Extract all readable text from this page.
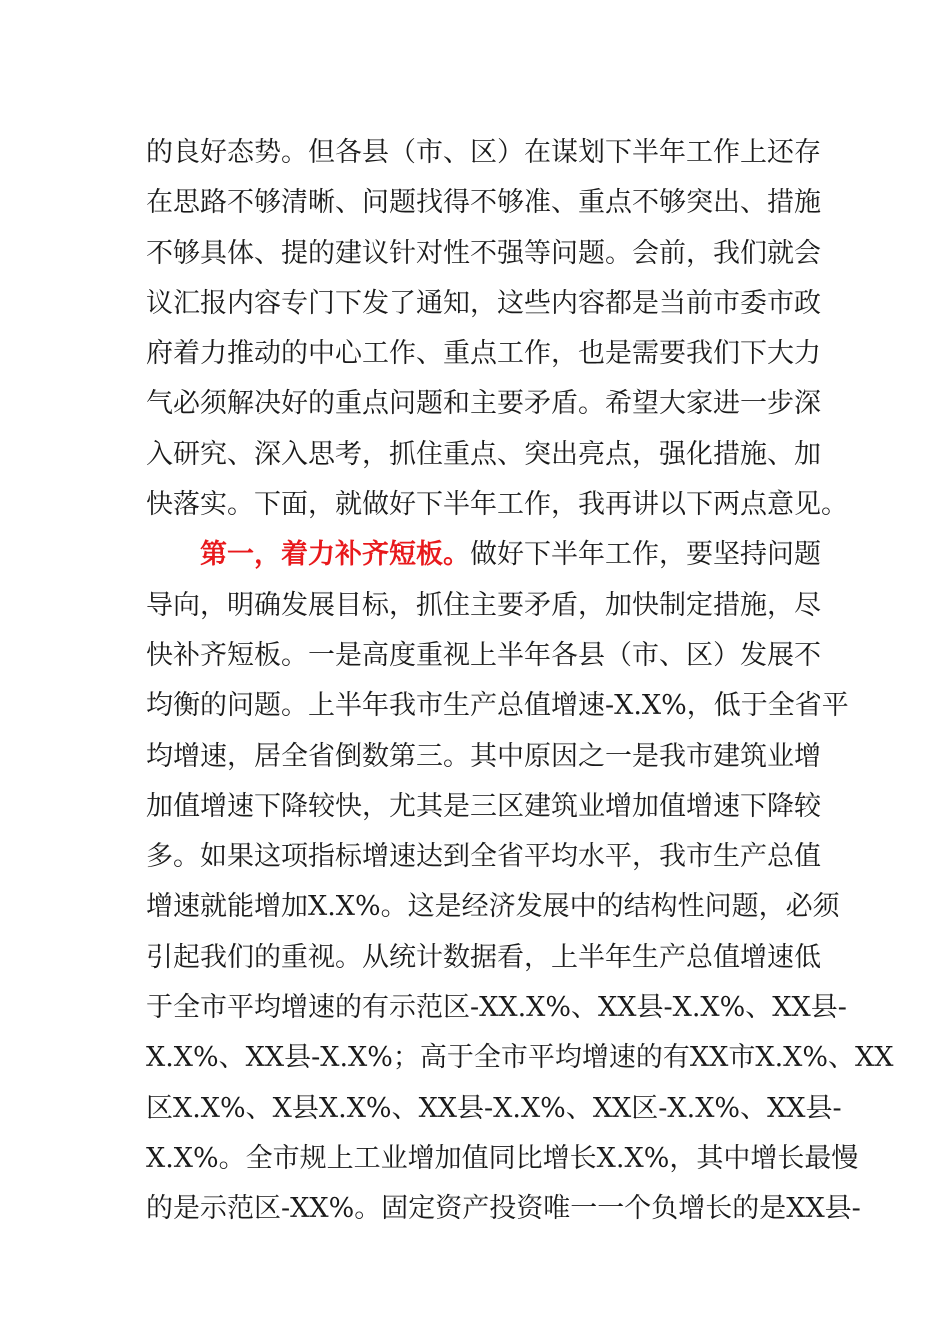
的良好态势。但各县（市、区）在谋划下半年工作上还存
在思路不够清晰、问题找得不够准、重点不够突出、措施
不够具体、提的建议针对性不强等问题。会前，我们就会
议汇报内容专门下发了通知，这些内容都是当前市委市政
府着力推动的中心工作、重点工作，也是需要我们下大力
气必须解决好的重点问题和主要矛盾。希望大家进一步深
入研究、深入思考，抓住重点、突出亮点，强化措施、加
快落实。下面，就做好下半年工作，我再讲以下两点意见。
第一，着力补齐短板。做好下半年工作，要坚持问题
导向，明确发展目标，抓住主要矛盾，加快制定措施，尽
快补齐短板。一是高度重视上半年各县（市、区）发展不
均衡的问题。上半年我市生产总值增速-X.X%，低于全省平
均增速，居全省倒数第三。其中原因之一是我市建筑业增
加值增速下降较快，尤其是三区建筑业增加值增速下降较
多。如果这项指标增速达到全省平均水平，我市生产总值
增速就能增加X.X%。这是经济发展中的结构性问题，必须
引起我们的重视。从统计数据看，上半年生产总值增速低
于全市平均增速的有示范区-XX.X%、XX县-X.X%、XX县-
X.X%、XX县-X.X%；高于全市平均增速的有XX市X.X%、XX
区X.X%、X县X.X%、XX县-X.X%、XX区-X.X%、XX县-
X.X%。全市规上工业增加值同比增长X.X%，其中增长最慢
的是示范区-XX%。固定资产投资唯一一个负增长的是XX县-
